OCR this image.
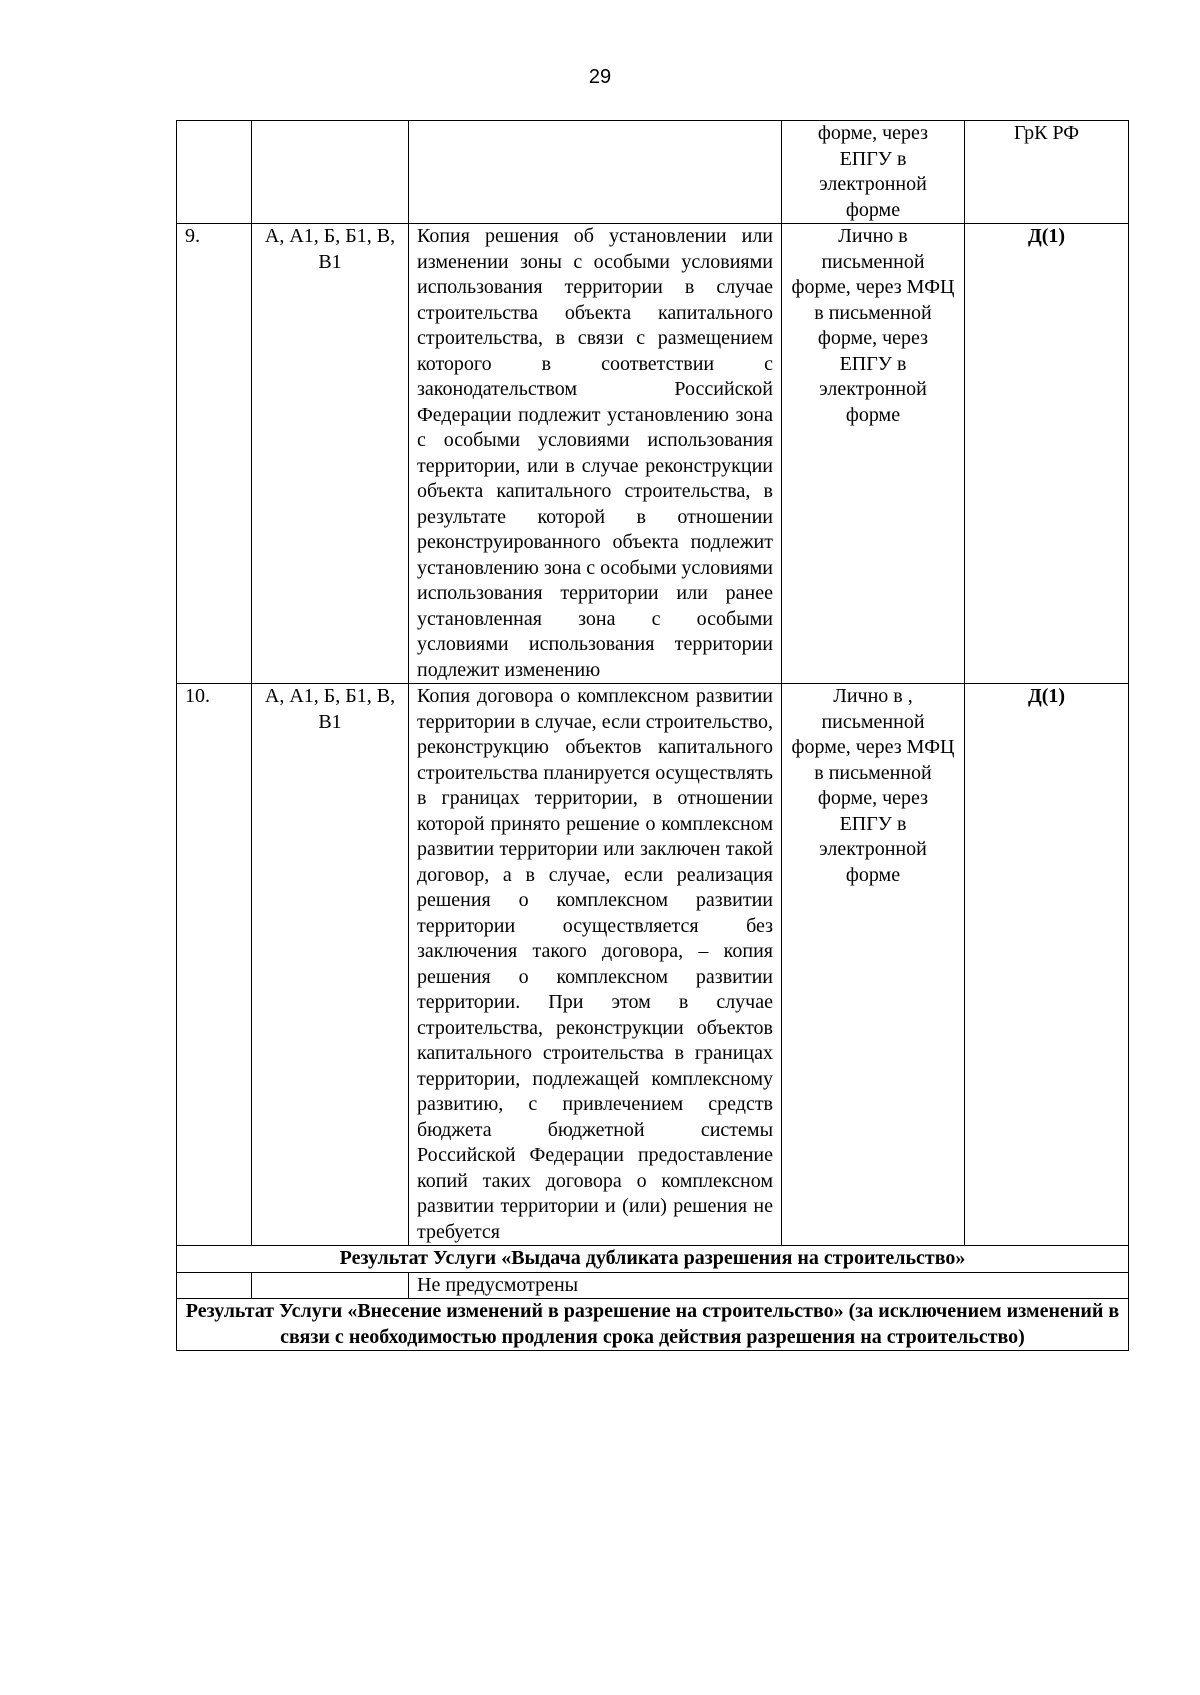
29
			форме, через ЕПГУ в электронной форме	ГрК РФ
9.	А, А1, Б, Б1, В, В1	Копия решения об установлении или изменении зоны с особыми условиями использования территории в случае строительства объекта капитального строительства, в связи с размещением которого в соответствии с законодательством Российской Федерации подлежит установлению зона с особыми условиями использования территории, или в случае реконструкции объекта капитального строительства, в результате которой в отношении реконструированного объекта подлежит установлению зона с особыми условиями использования территории или ранее установленная зона с особыми условиями использования территории подлежит изменению	Лично в письменной форме, через МФЦ в письменной форме, через ЕПГУ в электронной форме	Д(1)
10.	А, А1, Б, Б1, В, В1	Копия договора о комплексном развитии территории в случае, если строительство, реконструкцию объектов капитального строительства планируется осуществлять в границах территории, в отношении которой принято решение о комплексном развитии территории или заключен такой договор, а в случае, если реализация решения о комплексном развитии территории осуществляется без заключения такого договора, – копия решения о комплексном развитии территории. При этом в случае строительства, реконструкции объектов капитального строительства в границах территории, подлежащей комплексному развитию, с привлечением средств бюджета бюджетной системы Российской Федерации предоставление копий таких договора о комплексном развитии территории и (или) решения не требуется	Лично в , письменной форме, через МФЦ в письменной форме, через ЕПГУ в электронной форме	Д(1)
Результат Услуги «Выдача дубликата разрешения на строительство»				
		Не предусмотрены		
Результат Услуги «Внесение изменений в разрешение на строительство» (за исключением изменений в связи с необходимостью продления срока действия разрешения на строительство)				
